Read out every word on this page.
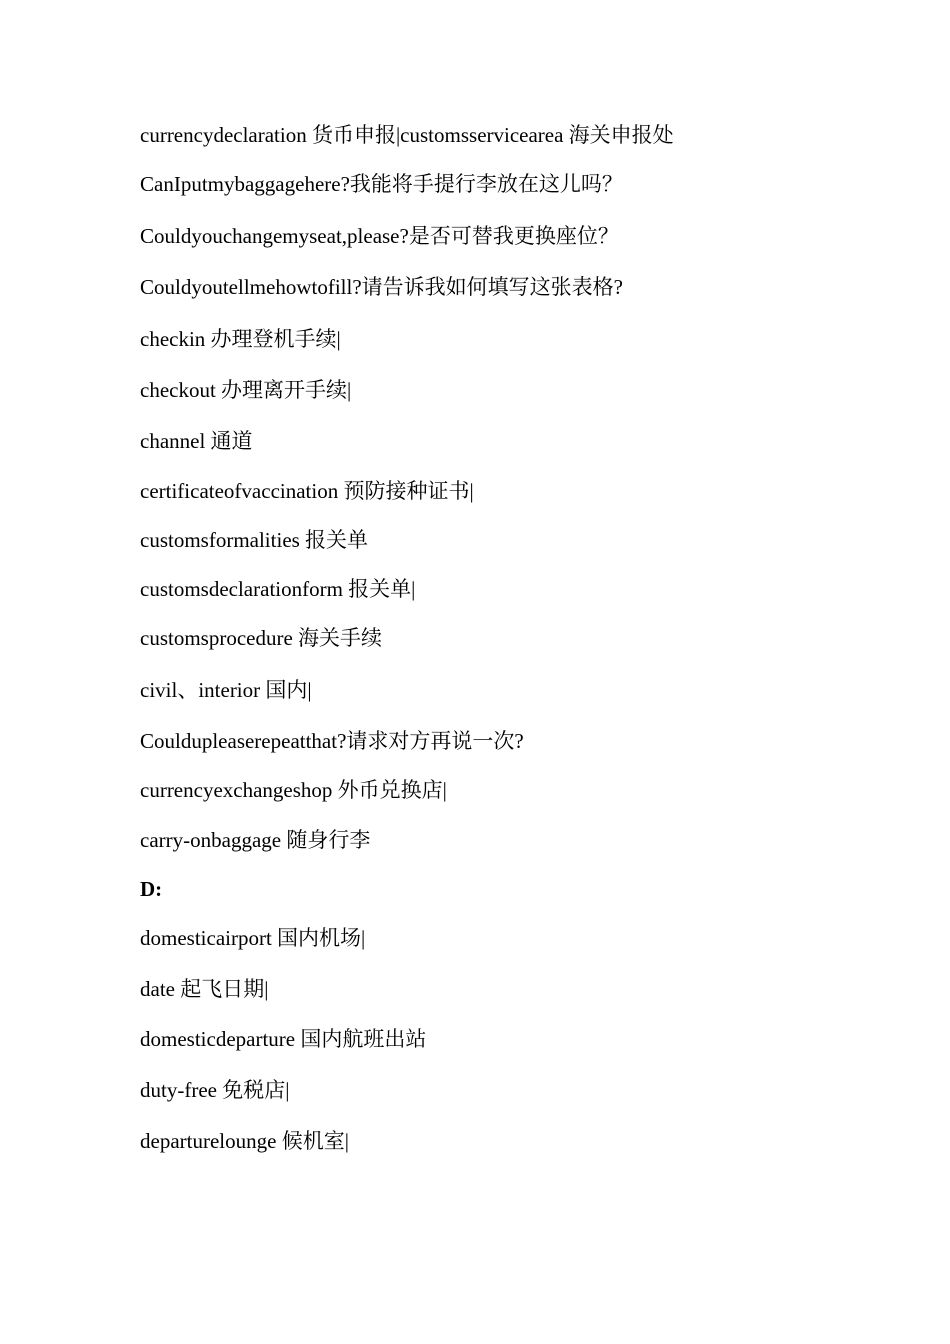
currencydeclaration 货币申报|customsservicearea 海关申报处
CanIputmybaggagehere?我能将手提行李放在这儿吗？
Couldyouchangemyseat,please?是否可替我更换座位？
Couldyoutellmehowtofill?请告诉我如何填写这张表格?
checkin 办理登机手续|
checkout 办理离开手续|
channel 通道
certificateofvaccination 预防接种证书|
customsformalities 报关单
customsdeclarationform 报关单|
customsprocedure 海关手续
civil、interior 国内|
Couldupleaserepeatthat?请求对方再说一次?
currencyexchangeshop 外币兑换店|
carry-onbaggage 随身行李
D:
domesticairport 国内机场|
date 起飞日期|
domesticdeparture 国内航班出站
duty-free 免税店|
departurelounge 候机室|
